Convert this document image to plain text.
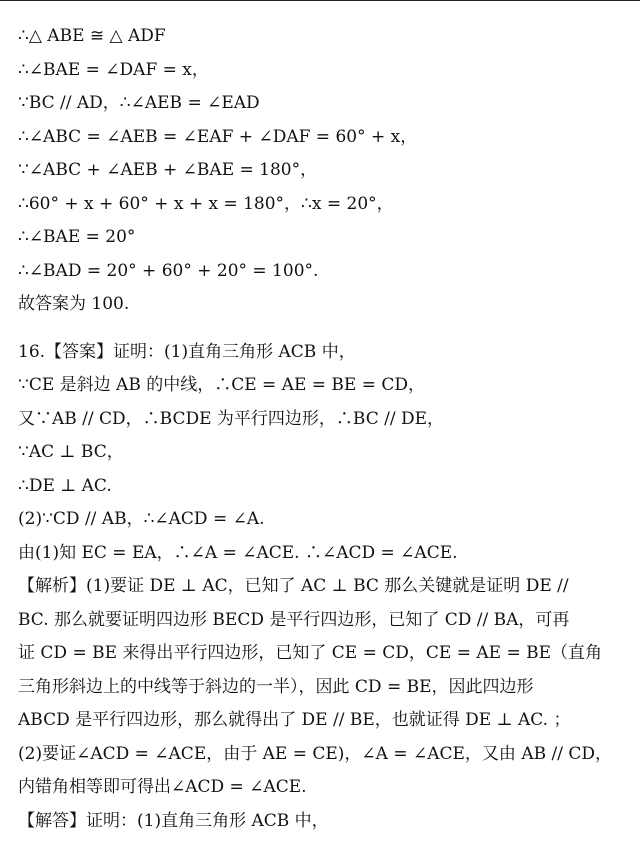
∴△ ABE ≅ △ ADF
∴∠BAE = ∠DAF = x，
∵BC // AD，∴∠AEB = ∠EAD
∴∠ABC = ∠AEB = ∠EAF + ∠DAF = 60° + x，
∵∠ABC + ∠AEB + ∠BAE = 180°，
∴60° + x + 60° + x + x = 180°，∴x = 20°，
∴∠BAE = 20°
∴∠BAD = 20° + 60° + 20° = 100°.
故答案为 100.
16.【答案】证明：(1)直角三角形 ACB 中，
∵CE 是斜边 AB 的中线，∴CE = AE = BE = CD，
又∵AB // CD，∴BCDE 为平行四边形，∴BC // DE，
∵AC ⊥ BC，
∴DE ⊥ AC.
(2)∵CD // AB，∴∠ACD = ∠A.
由(1)知 EC = EA，∴∠A = ∠ACE. ∴∠ACD = ∠ACE.
【解析】(1)要证 DE ⊥ AC，已知了 AC ⊥ BC 那么关键就是证明 DE //
BC. 那么就要证明四边形 BECD 是平行四边形，已知了 CD // BA，可再
证 CD = BE 来得出平行四边形，已知了 CE = CD，CE = AE = BE（直角
三角形斜边上的中线等于斜边的一半），因此 CD = BE，因此四边形
ABCD 是平行四边形，那么就得出了 DE // BE，也就证得 DE ⊥ AC. ；
(2)要证∠ACD = ∠ACE，由于 AE = CE)，∠A = ∠ACE，又由 AB // CD，
内错角相等即可得出∠ACD = ∠ACE.
【解答】证明：(1)直角三角形 ACB 中，
